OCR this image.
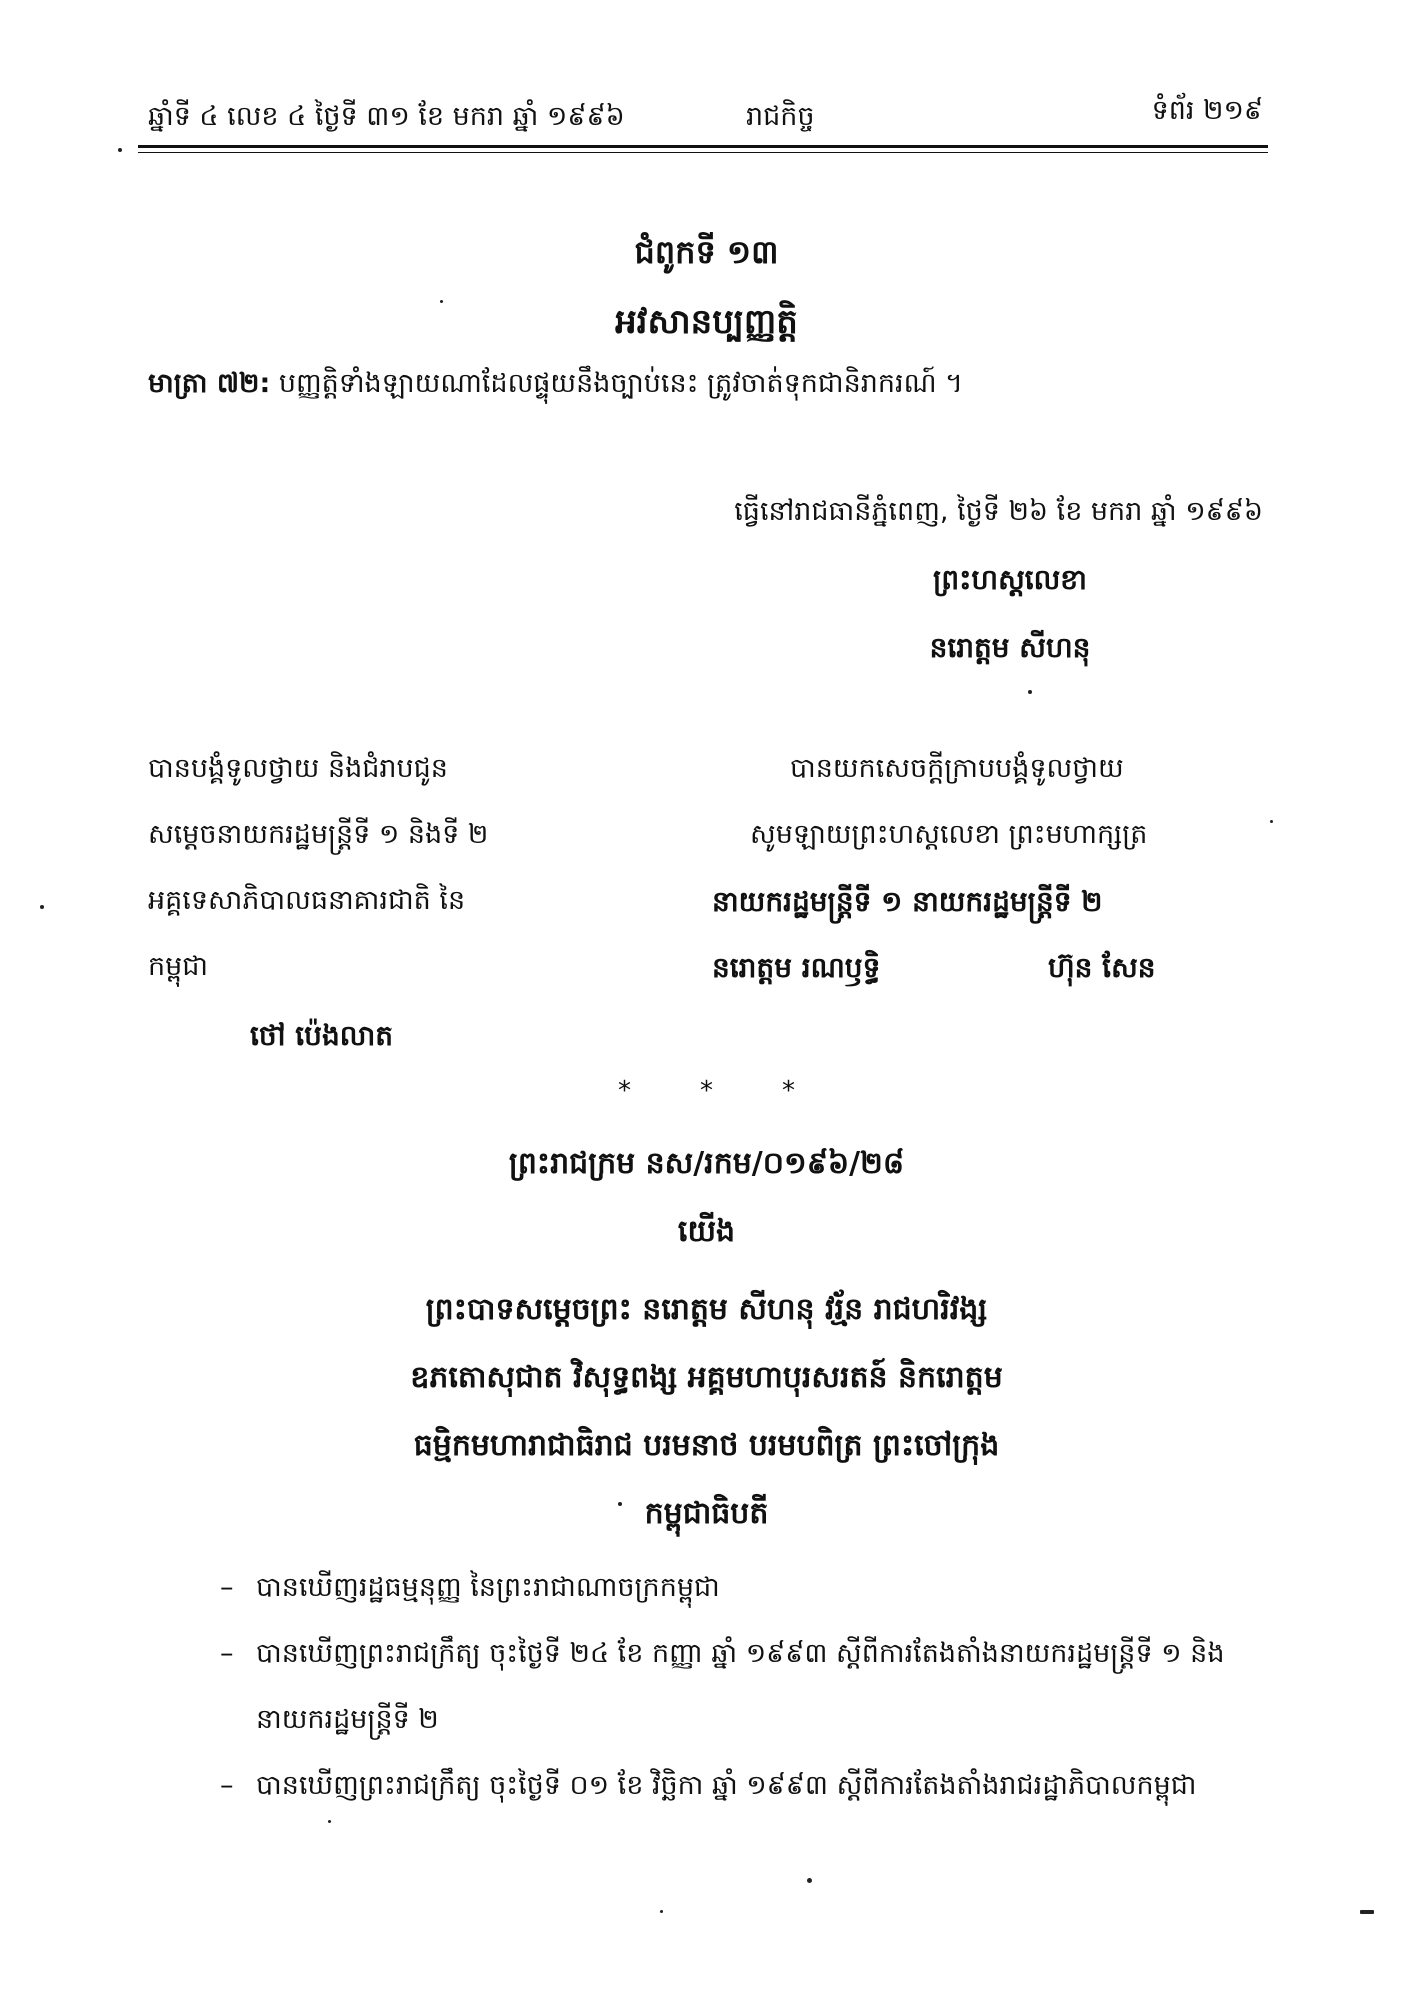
ឆ្នាំទី ៤ លេខ ៤ ថ្ងៃទី ៣១ ខែ មករា ឆ្នាំ ១៩៩៦	រាជកិច្ច	ទំព័រ ២១៩
ជំពូកទី ១៣
អវសានប្បញ្ញត្តិ
មាត្រា ៧២: បញ្ញត្តិទាំងឡាយណាដែលផ្ទុយនឹងច្បាប់នេះ ត្រូវចាត់ទុកជានិរាករណ៍ ។
ធ្វើនៅរាជធានីភ្នំពេញ, ថ្ងៃទី ២៦ ខែ មករា ឆ្នាំ ១៩៩៦
ព្រះហស្តលេខា
នរោត្តម សីហនុ
បានបង្គំទូលថ្វាយ និងជំរាបជូន
សម្តេចនាយករដ្ឋមន្ត្រីទី ១ និងទី ២
អគ្គទេសាភិបាលធនាគារជាតិ នៃ
កម្ពុជា
ថៅ ប៉េងលាត
បានយកសេចក្តីក្រាបបង្គំទូលថ្វាយ
សូមឡាយព្រះហស្តលេខា ព្រះមហាក្សត្រ
នាយករដ្ឋមន្ត្រីទី ១ នាយករដ្ឋមន្ត្រីទី ២
នរោត្តម រណឫទ្ធិ	ហ៊ុន សែន
*	*	*
ព្រះរាជក្រម នស/រកម/០១៩៦/២៨
យើង
ព្រះបាទសម្តេចព្រះ នរោត្តម សីហនុ វរ្ម័ន រាជហរិវង្ស
ឧភតោសុជាត វិសុទ្ធពង្ស អគ្គមហាបុរសរតន៍ និករោត្តម
ធម្មិកមហារាជាធិរាជ បរមនាថ បរមបពិត្រ ព្រះចៅក្រុង
កម្ពុជាធិបតី
– បានឃើញរដ្ឋធម្មនុញ្ញ នៃព្រះរាជាណាចក្រកម្ពុជា
– បានឃើញព្រះរាជក្រឹត្យ ចុះថ្ងៃទី ២៤ ខែ កញ្ញា ឆ្នាំ ១៩៩៣ ស្តីពីការតែងតាំងនាយករដ្ឋមន្ត្រីទី ១ និងនាយករដ្ឋមន្ត្រីទី ២
– បានឃើញព្រះរាជក្រឹត្យ ចុះថ្ងៃទី ០១ ខែ វិច្ឆិកា ឆ្នាំ ១៩៩៣ ស្តីពីការតែងតាំងរាជរដ្ឋាភិបាលកម្ពុជា
